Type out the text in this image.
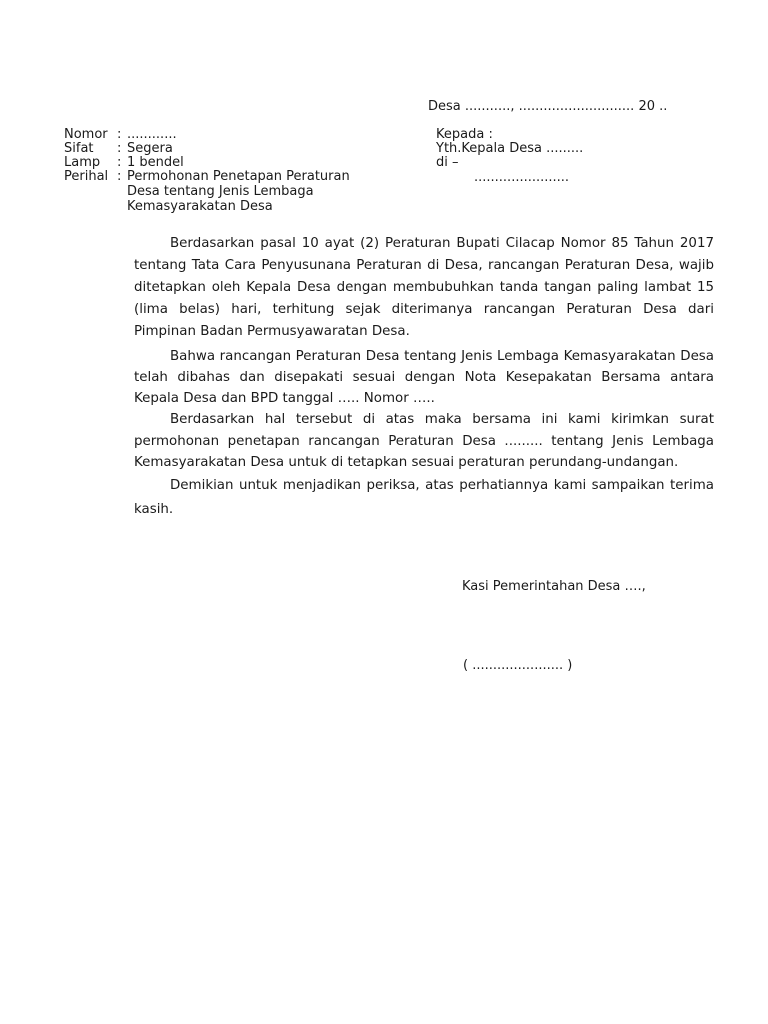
Desa ..........., ............................ 20 ..
Nomor : ............
Sifat : Segera
Lamp : 1 bendel
Perihal : Permohonan Penetapan Peraturan
Desa tentang Jenis Lembaga
Kemasyarakatan Desa
Kepada :
Yth.Kepala Desa .........
di –
.......................

Berdasarkan pasal 10 ayat (2) Peraturan Bupati Cilacap Nomor 85 Tahun 2017 tentang Tata Cara Penyusunana Peraturan di Desa, rancangan Peraturan Desa, wajib ditetapkan oleh Kepala Desa dengan membubuhkan tanda tangan paling lambat 15 (lima belas) hari, terhitung sejak diterimanya rancangan Peraturan Desa dari Pimpinan Badan Permusyawaratan Desa.

Bahwa rancangan Peraturan Desa tentang Jenis Lembaga Kemasyarakatan Desa telah dibahas dan disepakati sesuai dengan Nota Kesepakatan Bersama antara Kepala Desa dan BPD tanggal ….. Nomor …..

Berdasarkan hal tersebut di atas maka bersama ini kami kirimkan surat permohonan penetapan rancangan Peraturan Desa ......... tentang Jenis Lembaga Kemasyarakatan Desa untuk di tetapkan sesuai peraturan perundang-undangan.

Demikian untuk menjadikan periksa, atas perhatiannya kami sampaikan terima kasih.

Kasi Pemerintahan Desa ….,
( ...................... )
